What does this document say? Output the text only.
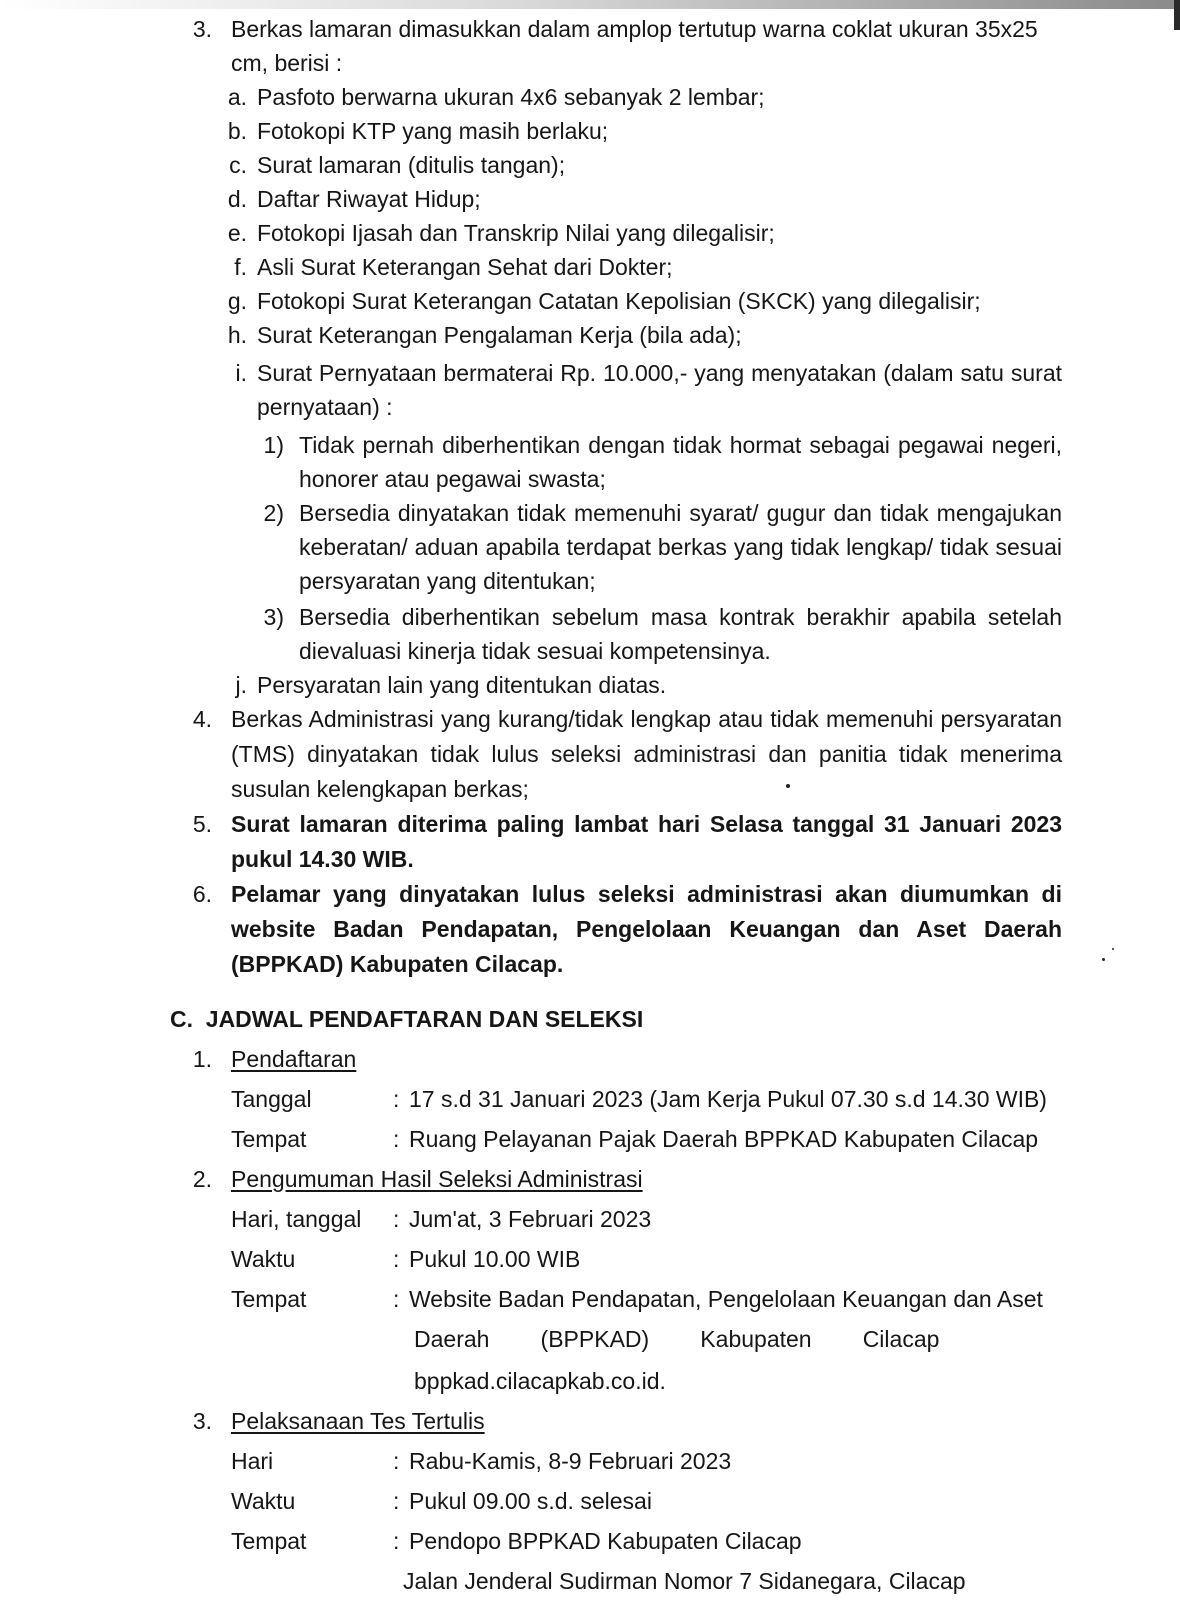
3. Berkas lamaran dimasukkan dalam amplop tertutup warna coklat ukuran 35x25
cm, berisi :
a. Pasfoto berwarna ukuran 4x6 sebanyak 2 lembar;
b. Fotokopi KTP yang masih berlaku;
c. Surat lamaran (ditulis tangan);
d. Daftar Riwayat Hidup;
e. Fotokopi Ijasah dan Transkrip Nilai yang dilegalisir;
f. Asli Surat Keterangan Sehat dari Dokter;
g. Fotokopi Surat Keterangan Catatan Kepolisian (SKCK) yang dilegalisir;
h. Surat Keterangan Pengalaman Kerja (bila ada);
i. Surat Pernyataan bermaterai Rp. 10.000,- yang menyatakan (dalam satu surat
pernyataan) :
1) Tidak pernah diberhentikan dengan tidak hormat sebagai pegawai negeri,
honorer atau pegawai swasta;
2) Bersedia dinyatakan tidak memenuhi syarat/ gugur dan tidak mengajukan
keberatan/ aduan apabila terdapat berkas yang tidak lengkap/ tidak sesuai
persyaratan yang ditentukan;
3) Bersedia diberhentikan sebelum masa kontrak berakhir apabila setelah
dievaluasi kinerja tidak sesuai kompetensinya.
j. Persyaratan lain yang ditentukan diatas.
4. Berkas Administrasi yang kurang/tidak lengkap atau tidak memenuhi persyaratan
(TMS) dinyatakan tidak lulus seleksi administrasi dan panitia tidak menerima
susulan kelengkapan berkas;
5. Surat lamaran diterima paling lambat hari Selasa tanggal 31 Januari 2023
pukul 14.30 WIB.
6. Pelamar yang dinyatakan lulus seleksi administrasi akan diumumkan di
website Badan Pendapatan, Pengelolaan Keuangan dan Aset Daerah
(BPPKAD) Kabupaten Cilacap.
C.  JADWAL PENDAFTARAN DAN SELEKSI
1. Pendaftaran
Tanggal	: 17 s.d 31 Januari 2023 (Jam Kerja Pukul 07.30 s.d 14.30 WIB)
Tempat	: Ruang Pelayanan Pajak Daerah BPPKAD Kabupaten Cilacap
2. Pengumuman Hasil Seleksi Administrasi
Hari, tanggal : Jum'at, 3 Februari 2023
Waktu	: Pukul 10.00 WIB
Tempat	: Website Badan Pendapatan, Pengelolaan Keuangan dan Aset
Daerah        (BPPKAD)        Kabupaten        Cilacap
bppkad.cilacapkab.co.id.
3. Pelaksanaan Tes Tertulis
Hari	: Rabu-Kamis, 8-9 Februari 2023
Waktu	: Pukul 09.00 s.d. selesai
Tempat	: Pendopo BPPKAD Kabupaten Cilacap
Jalan Jenderal Sudirman Nomor 7 Sidanegara, Cilacap
